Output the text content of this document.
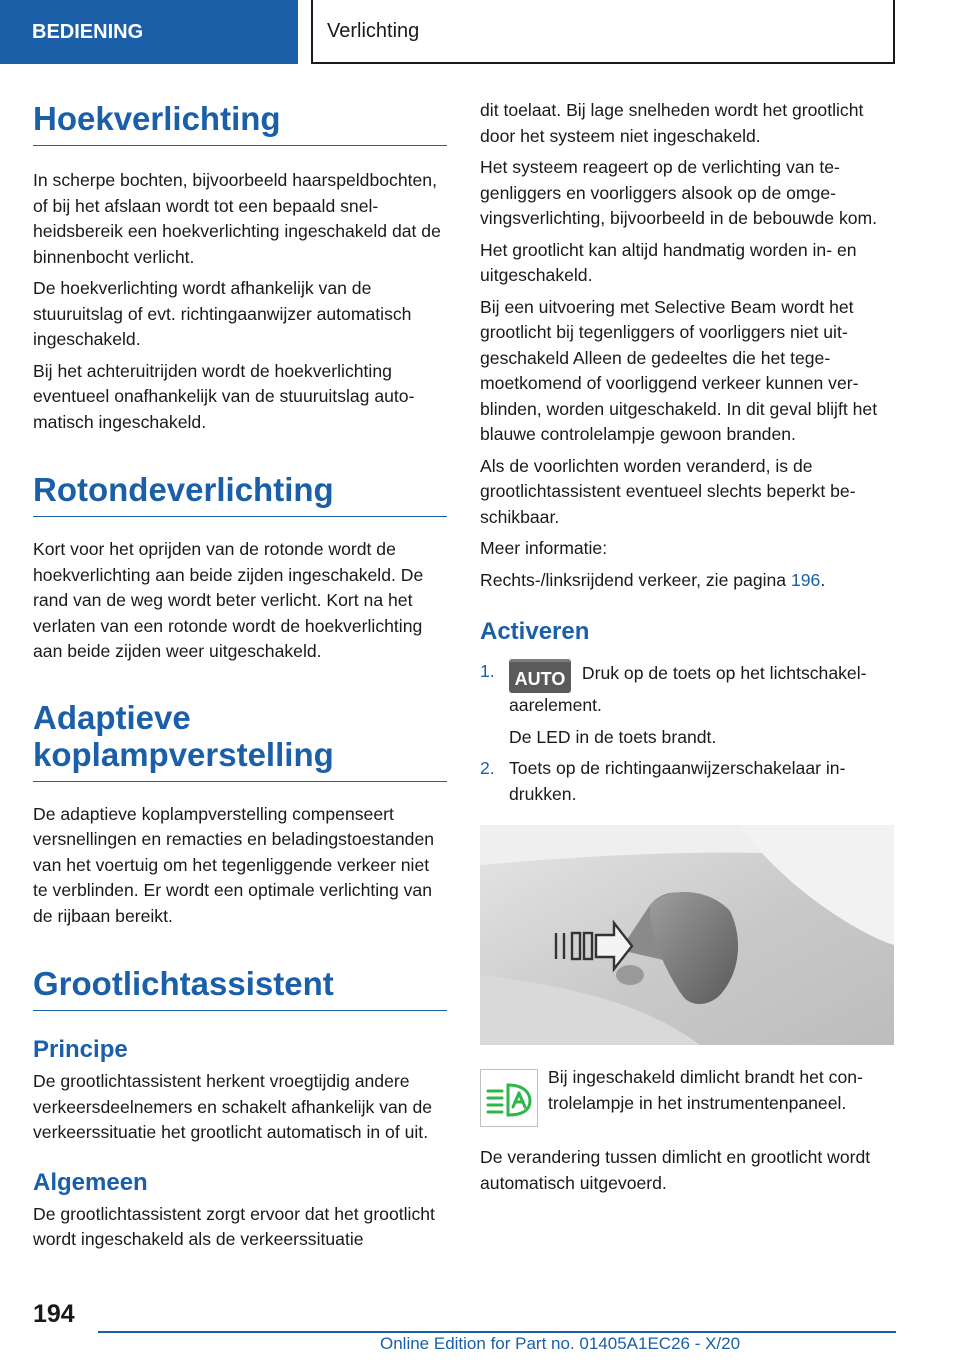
BEDIENING	Verlichting
Hoekverlichting

In scherpe bochten, bijvoorbeeld haarspeldbochten, of bij het afslaan wordt tot een bepaald snelheidsbereik een hoekverlichting ingeschakeld dat de binnenbocht verlicht.

De hoekverlichting wordt afhankelijk van de stuuruitslag of evt. richtingaanwijzer automatisch ingeschakeld.

Bij het achteruitrijden wordt de hoekverlichting eventueel onafhankelijk van de stuuruitslag automatisch ingeschakeld.

Rotondeverlichting

Kort voor het oprijden van de rotonde wordt de hoekverlichting aan beide zijden ingeschakeld. De rand van de weg wordt beter verlicht. Kort na het verlaten van een rotonde wordt de hoekverlichting aan beide zijden weer uitgeschakeld.

Adaptieve
koplampverstelling

De adaptieve koplampverstelling compenseert versnellingen en remacties en beladingstoestanden van het voertuig om het tegenliggende verkeer niet te verblinden. Er wordt een optimale verlichting van de rijbaan bereikt.

Grootlichtassistent
Principe

De grootlichtassistent herkent vroegtijdig andere verkeersdeelnemers en schakelt afhankelijk van de verkeerssituatie het grootlicht automatisch in of uit.

Algemeen

De grootlichtassistent zorgt ervoor dat het grootlicht wordt ingeschakeld als de verkeerssituatie

dit toelaat. Bij lage snelheden wordt het grootlicht door het systeem niet ingeschakeld.

Het systeem reageert op de verlichting van tegenliggers en voorliggers alsook op de omgevingsverlichting, bijvoorbeeld in de bebouwde kom.

Het grootlicht kan altijd handmatig worden in- en uitgeschakeld.

Bij een uitvoering met Selective Beam wordt het grootlicht bij tegenliggers of voorliggers niet uitgeschakeld Alleen de gedeeltes die het tegemoetkomend of voorliggend verkeer kunnen verblinden, worden uitgeschakeld. In dit geval blijft het blauwe controlelampje gewoon branden.

Als de voorlichten worden veranderd, is de grootlichtassistent eventueel slechts beperkt beschikbaar.

Meer informatie:

Rechts-/linksrijdend verkeer, zie pagina 196.

Activeren
1. AUTO Druk op de toets op het lichtschakelaarelement.
De LED in de toets brandt.
2. Toets op de richtingaanwijzerschakelaar indrukken.

Bij ingeschakeld dimlicht brandt het controlelampje in het instrumentenpaneel.

De verandering tussen dimlicht en grootlicht wordt automatisch uitgevoerd.

194
Online Edition for Part no. 01405A1EC26 - X/20
